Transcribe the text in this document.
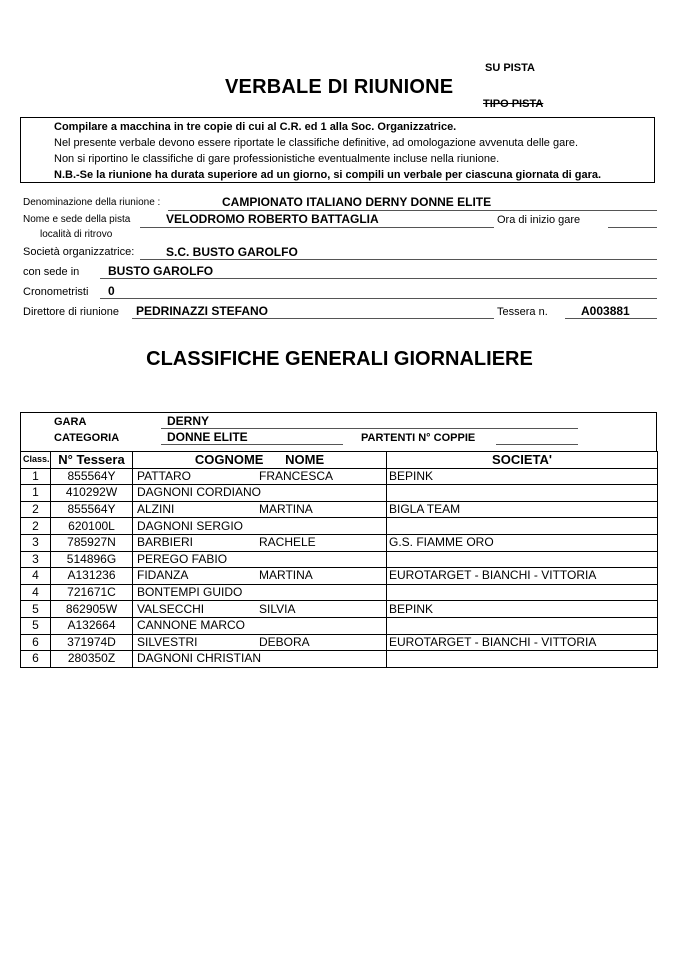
SU PISTA
VERBALE DI RIUNIONE
TIPO PISTA
Compilare a macchina in tre copie di cui al C.R. ed 1 alla Soc. Organizzatrice.
Nel presente verbale devono essere riportate le classifiche definitive, ad omologazione avvenuta delle gare.
Non si riportino le classifiche di gare professionistiche eventualmente incluse nella riunione.
N.B.-Se la riunione ha durata superiore ad un giorno, si compili un verbale per ciascuna giornata di gara.
Denominazione della riunione :	CAMPIONATO ITALIANO DERNY DONNE ELITE
Nome e sede della pista	VELODROMO ROBERTO BATTAGLIA	Ora di inizio gare
località di ritrovo
Società organizzatrice:	S.C. BUSTO GAROLFO
con sede in BUSTO GAROLFO
Cronometristi 0
Direttore di riunione PEDRINAZZI STEFANO	Tessera n.	A003881
CLASSIFICHE GENERALI GIORNALIERE
GARA	DERNY
CATEGORIA	DONNE ELITE	PARTENTI N° COPPIE
Class.	N° Tessera	COGNOME NOME	SOCIETA'
1	855564Y	PATTARO FRANCESCA	BEPINK
1	410292W	DAGNONI CORDIANO	
2	855564Y	ALZINI MARTINA	BIGLA TEAM
2	620100L	DAGNONI SERGIO	
3	785927N	BARBIERI RACHELE	G.S. FIAMME ORO
3	514896G	PEREGO FABIO	
4	A131236	FIDANZA MARTINA	EUROTARGET - BIANCHI - VITTORIA
4	721671C	BONTEMPI GUIDO	
5	862905W	VALSECCHI SILVIA	BEPINK
5	A132664	CANNONE MARCO	
6	371974D	SILVESTRI DEBORA	EUROTARGET - BIANCHI - VITTORIA
6	280350Z	DAGNONI CHRISTIAN	
